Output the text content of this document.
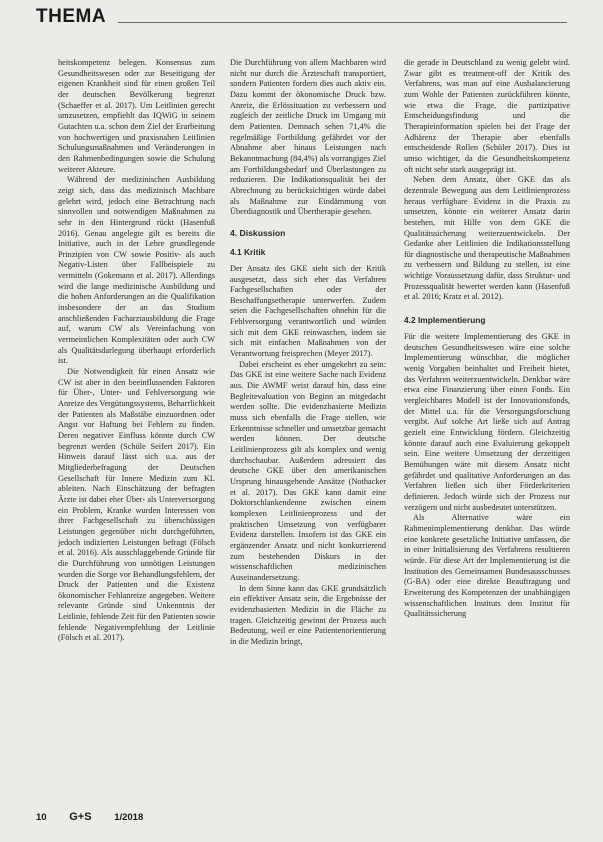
THEMA

heitskompetenz belegen. Konsensus zum Gesundheitswesen oder zur Beseitigung der eigenen Krankheit sind für einen großen Teil der deutschen Bevölkerung begrenzt (Schaeffer et al. 2017). Um Leitlinien gerecht umzusetzen, empfiehlt das IQWiG in seinem Gutachten u.a. schon dem Ziel der Erarbeitung von hochwertigen und praxisnahen Leitlinien Schulungsmaßnahmen und Veränderungen in den Rahmenbedingungen sowie die Schulung weiterer Akteure.

Während der medizinischen Ausbildung zeigt sich, dass das medizinisch Machbare gelehrt wird, jedoch eine Betrachtung nach sinnvollen und notwendigen Maßnahmen zu sehr in den Hintergrund rückt (Hasenfuß 2016). Genau angelegte gilt es bereits die Initiative, auch in der Lehre grundlegende Prinzipien von CW sowie Positiv- als auch Negativ-Listen über Fallbeispiele zu vermitteln (Gokemann et al. 2017). Allerdings wird die lange medizinische Ausbildung und die hohen Anforderungen an die Qualifikation insbesondere der an das Studium anschließenden Facharztausbildung die Frage auf, warum CW als Vereinfachung von vermeintlichen Komplexitäten oder auch CW als Qualitätsdarlegung überhaupt erforderlich ist.

Die Notwendigkeit für einen Ansatz wie CW ist aber in den beeinflussenden Faktoren für Über-, Unter- und Fehlversorgung wie Anreize des Vergütungssystems, Beharrlichkeit der Patienten als Maßstäbe einzuordnen oder Angst vor Haftung bei Fehlern zu finden. Deren negativer Einfluss könnte durch CW begrenzt werden (Schüle Seifert 2017). Ein Hinweis darauf lässt sich u.a. aus der Mitgliederbefragung der Deutschen Gesellschaft für Innere Medizin zum KL ableiten. Nach Einschätzung der befragten Ärzte ist dabei eher Über- als Unterversorgung ein Problem, Kranke wurden Interessen von ihrer Fachgesellschaft zu überschüssigen Leistungen gegenüber nicht durchgeführten, jedoch indizierten Leistungen befragt (Fölsch et al. 2016). Als ausschlaggebende Gründe für die Durchführung von unnötigen Leistungen wurden die Sorge vor Behandlungsfehlern, der Druck der Patienten und die Existenz ökonomischer Fehlanreize angegeben. Weitere relevante Gründe sind Unkenntnis der Leitlinie, fehlende Zeit für den Patienten sowie fehlende Negativempfehlung der Leitlinie (Fölsch et al. 2017).

Die Durchführung von allem Machbaren wird nicht nur durch die Ärzteschaft transportiert, sondern Patienten fordern dies auch aktiv ein. Dazu kommt der ökonomische Druck bzw. Anreiz, die Erlössituation zu verbessern und zugleich der zeitliche Druck im Umgang mit dem Patienten. Demnach sehen 71,4% die regelmäßige Fortbildung gefährdet vor der Abnahme aber hinaus Leistungen nach Bekanntmachung (84,4%) als vorrangiges Ziel am Fortbildungsbedarf und Überlastungen zu reduzieren. Die Indikationsqualität bei der Abrechnung zu berücksichtigen würde dabei als Maßnahme zur Eindämmung von Überdiagnostik und Übertherapie gesehen.

4. Diskussion
4.1 Kritik

Der Ansatz des GKE sieht sich der Kritik ausgesetzt, dass sich eher das Verfahren Fachgesellschaften oder der Beschaffungsetherapie unterwerfen. Zudem seien die Fachgesellschaften ohnehin für die Fehlversorgung verantwortlich und würden sich mit dem GKE reinwaschen, indem sie sich mit einfachen Maßnahmen von der Verantwortung freisprechen (Meyer 2017).

Dabei erscheint es eher umgekehrt zu sein: Das GKE ist eine weitere Sache nach Evidenz aus. Die AWMF weist darauf hin, dass eine Begleitevaluation von Beginn an mitgedacht werden sollte. Die evidenzbasierte Medizin muss sich ebenfalls die Frage stellen, wie Erkenntnisse schneller und umsetzbar gemacht werden können. Der deutsche Leitlinienprozess gilt als komplex und wenig durchschaubar. Außerdem adressiert das deutsche GKE über den amerikanischen Ursprung hinausgehende Ansätze (Nothacker et al. 2017). Das GKE kann damit eine Doktorschlankendenne zwischen einem komplexen Leitlinienprozess und der praktischen Umsetzung von verfügbarer Evidenz darstellen. Insofern ist das GKE ein ergänzender Ansatz und nicht konkurrierend zum bestehenden Diskurs in der wissenschaftlichen medizinischen Auseinandersetzung.

In dem Sinne kann das GKE grundsätzlich ein effektiver Ansatz sein, die Ergebnisse der evidenzbasierten Medizin in die Fläche zu tragen. Gleichzeitig gewinnt der Prozess auch Bedeutung, weil er eine Patientenorientierung in die Medizin bringt,

die gerade in Deutschland zu wenig gelebt wird. Zwar gibt es treatment-off der Kritik des Verfahrens, was man auf eine Ausbalancierung zum Wohle der Patienten zurückführen könnte, wie etwa die Frage, die partizipative Entscheidungsfindung und die Therapieinformation spielen bei der Frage der Adhärenz der Therapie aber ebenfalls entscheidende Rollen (Schüler 2017). Dies ist umso wichtiger, da die Gesundheitskompetenz oft nicht sehr stark ausgeprägt ist.

Neben dem Ansatz, über GKE das als dezentrale Bewegung aus dem Leitlinienprozess heraus verfügbare Evidenz in die Praxis zu umsetzen, könnte ein weiterer Ansatz darin bestehen, mit Hilfe von dem GKE die Qualitätssicherung weiterzuentwickeln. Der Gedanke aber Leitlinien die Indikationsstellung für diagnostische und therapeutische Maßnahmen zu verbessern und Bildung zu stellen, ist eine wichtige Voraussetzung dafür, dass Struktur- und Prozessqualität bewertet werden kann (Hasenfuß et al. 2016; Kratz et al. 2012).

4.2 Implementierung

Für die weitere Implementierung des GKE in deutschen Gesundheitswesen wäre eine solche Implementierung wünschbar, die möglicher wenig Vorgaben beinhaltet und Freiheit bietet, das Verfahren weiterzuentwickeln. Denkbar wäre etwa eine Finanzierung über einen Fonds. Ein vergleichbares Modell ist der Innovationsfonds, der Mittel u.a. für die Versorgungsforschung vergibt. Auf solche Art ließe sich auf Antrag gezielt eine Entwicklung fördern. Gleichzeitig könnte darauf auch eine Evaluierung gekoppelt sein. Eine weitere Umsetzung der derzeitigen Bemühungen wäre mit diesem Ansatz nicht gefährdet und qualitative Anforderungen an das Verfahren ließen sich über Förderkriterien definieren. Jedoch würde sich der Prozess nur verzögern und nicht ausbedeutet unterstützen.

Als Alternative wäre ein Rahmenimplementierung denkbar. Das würde eine konkrete gesetzliche Initiative umfassen, die in einer Initialisierung des Verfahrens resultieren würde. Für diese Art der Implementierung ist die Institution des Gemeinsamen Bundesausschusses (G-BA) oder eine direkte Beauftragung und Erweiterung des Kompetenzen der unabhängigen wissenschaftlichen Instituts dem Institut für Qualitätssicherung

10 G+S 1/2018
